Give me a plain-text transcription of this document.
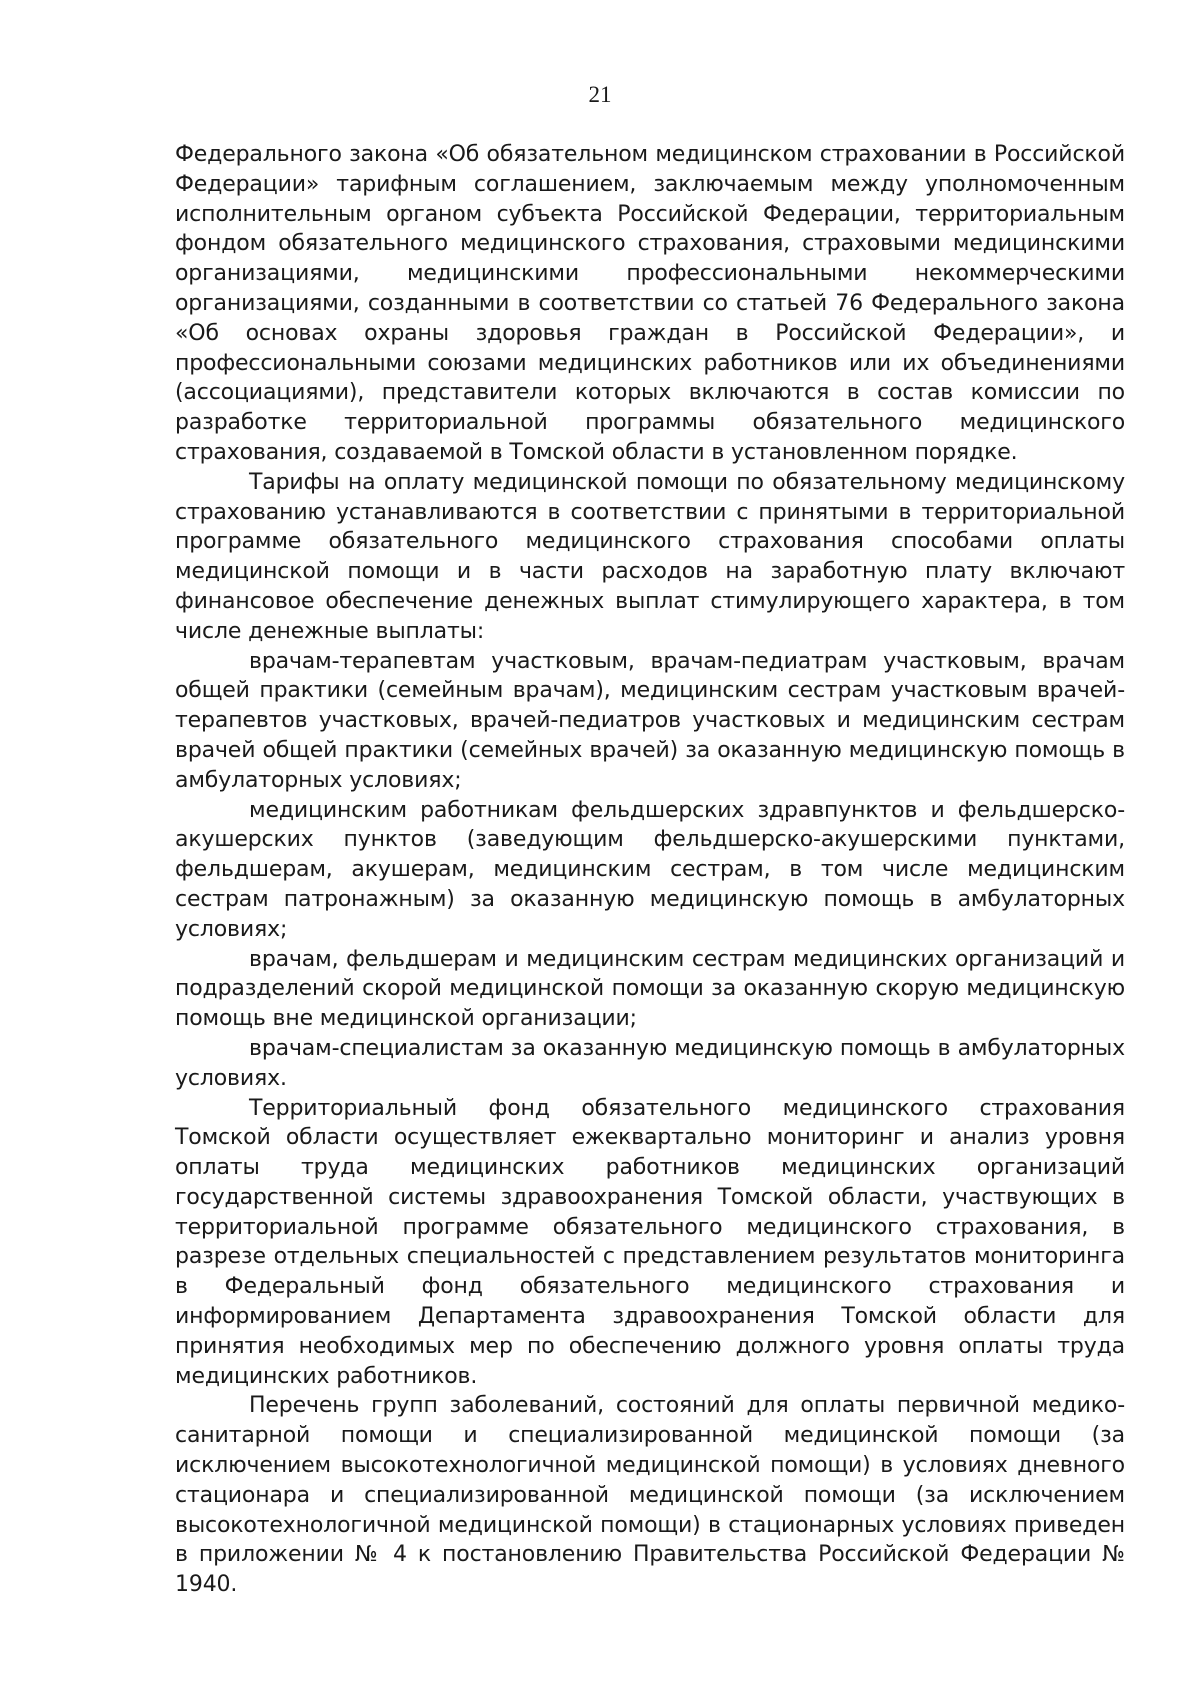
21

Федерального закона «Об обязательном медицинском страховании в Российской Федерации» тарифным соглашением, заключаемым между уполномоченным исполнительным органом субъекта Российской Федерации, территориальным фондом обязательного медицинского страхования, страховыми медицинскими организациями, медицинскими профессиональными некоммерческими организациями, созданными в соответствии со статьей 76 Федерального закона «Об основах охраны здоровья граждан в Российской Федерации», и профессиональными союзами медицинских работников или их объединениями (ассоциациями), представители которых включаются в состав комиссии по разработке территориальной программы обязательного медицинского страхования, создаваемой в Томской области в установленном порядке.

Тарифы на оплату медицинской помощи по обязательному медицинскому страхованию устанавливаются в соответствии с принятыми в территориальной программе обязательного медицинского страхования способами оплаты медицинской помощи и в части расходов на заработную плату включают финансовое обеспечение денежных выплат стимулирующего характера, в том числе денежные выплаты:

врачам-терапевтам участковым, врачам-педиатрам участковым, врачам общей практики (семейным врачам), медицинским сестрам участковым врачей-терапевтов участковых, врачей-педиатров участковых и медицинским сестрам врачей общей практики (семейных врачей) за оказанную медицинскую помощь в амбулаторных условиях;

медицинским работникам фельдшерских здравпунктов и фельдшерско-акушерских пунктов (заведующим фельдшерско-акушерскими пунктами, фельдшерам, акушерам, медицинским сестрам, в том числе медицинским сестрам патронажным) за оказанную медицинскую помощь в амбулаторных условиях;

врачам, фельдшерам и медицинским сестрам медицинских организаций и подразделений скорой медицинской помощи за оказанную скорую медицинскую помощь вне медицинской организации;

врачам-специалистам за оказанную медицинскую помощь в амбулаторных условиях.

Территориальный фонд обязательного медицинского страхования Томской области осуществляет ежеквартально мониторинг и анализ уровня оплаты труда медицинских работников медицинских организаций государственной системы здравоохранения Томской области, участвующих в территориальной программе обязательного медицинского страхования, в разрезе отдельных специальностей с представлением результатов мониторинга в Федеральный фонд обязательного медицинского страхования и информированием Департамента здравоохранения Томской области для принятия необходимых мер по обеспечению должного уровня оплаты труда медицинских работников.

Перечень групп заболеваний, состояний для оплаты первичной медико-санитарной помощи и специализированной медицинской помощи (за исключением высокотехнологичной медицинской помощи) в условиях дневного стационара и специализированной медицинской помощи (за исключением высокотехнологичной медицинской помощи) в стационарных условиях приведен в приложении № 4 к постановлению Правительства Российской Федерации № 1940.
